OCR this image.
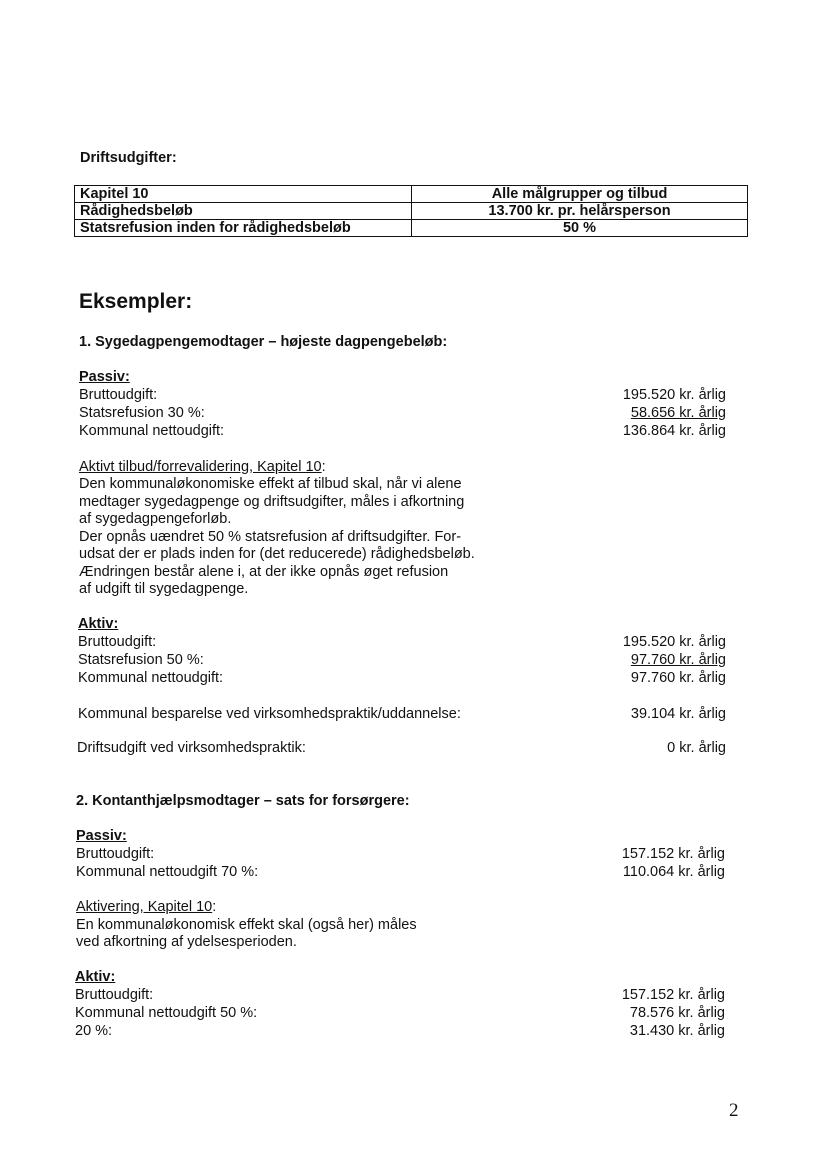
Driftsudgifter:
Kapitel 10	Alle målgrupper og tilbud
Rådighedsbeløb	13.700 kr. pr. helårsperson
Statsrefusion inden for rådighedsbeløb	50 %
Eksempler:
1. Sygedagpengemodtager – højeste dagpengebeløb:
Passiv:
Bruttoudgift:	195.520 kr. årlig
Statsrefusion 30 %:	58.656 kr. årlig
Kommunal nettoudgift:	136.864 kr. årlig
Aktivt tilbud/forrevalidering, Kapitel 10:
Den kommunaløkonomiske effekt af tilbud skal, når vi alene
medtager sygedagpenge og driftsudgifter, måles i afkortning
af sygedagpengeforløb.
Der opnås uændret 50 % statsrefusion af driftsudgifter. For-
udsat der er plads inden for (det reducerede) rådighedsbeløb.
Ændringen består alene i, at der ikke opnås øget refusion
af udgift til sygedagpenge.
Aktiv:
Bruttoudgift:	195.520 kr. årlig
Statsrefusion 50 %:	97.760 kr. årlig
Kommunal nettoudgift:	97.760 kr. årlig
Kommunal besparelse ved virksomhedspraktik/uddannelse:	39.104 kr. årlig
Driftsudgift ved virksomhedspraktik:	0 kr. årlig
2. Kontanthjælpsmodtager – sats for forsørgere:
Passiv:
Bruttoudgift:	157.152 kr. årlig
Kommunal nettoudgift 70 %:	110.064 kr. årlig
Aktivering, Kapitel 10:
En kommunaløkonomisk effekt skal (også her) måles
ved afkortning af ydelsesperioden.
Aktiv:
Bruttoudgift:	157.152 kr. årlig
Kommunal nettoudgift 50 %:	78.576 kr. årlig
20 %:	31.430 kr. årlig
2
